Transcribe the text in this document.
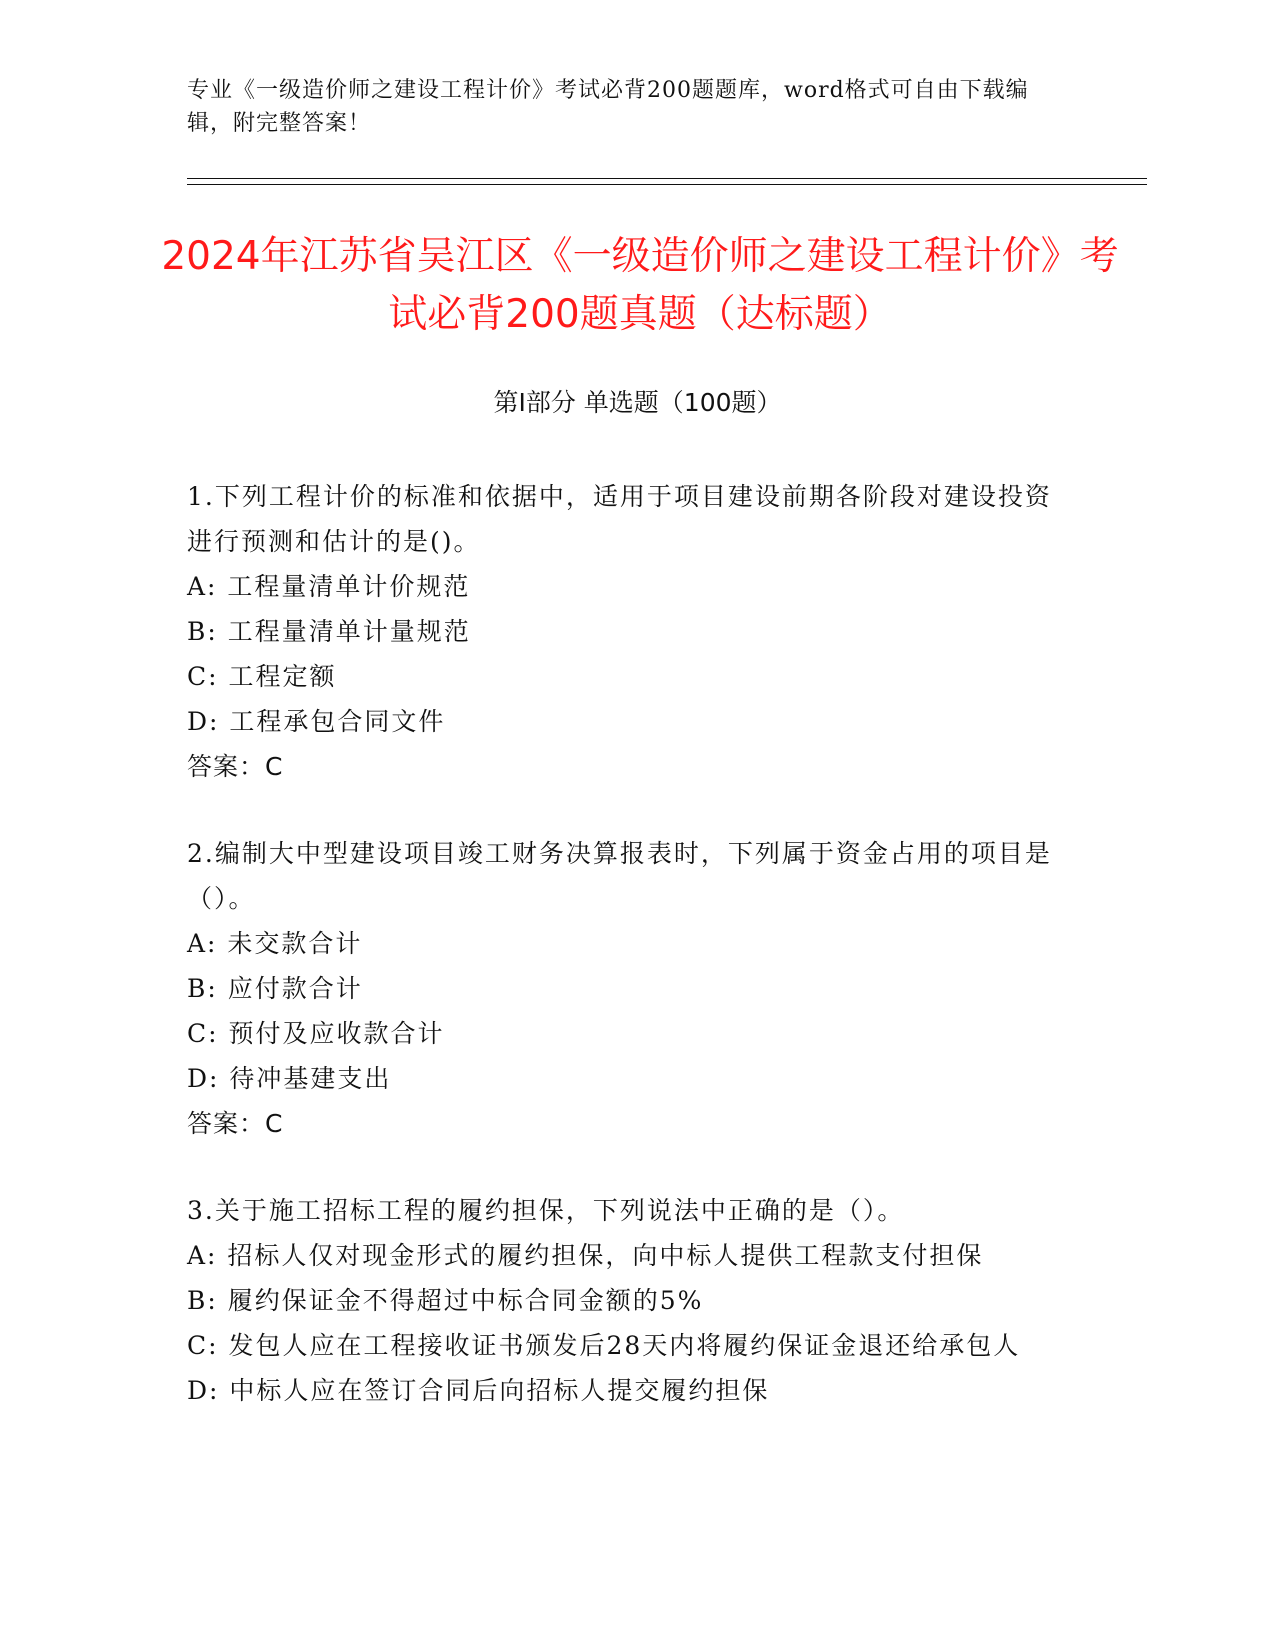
专业《一级造价师之建设工程计价》考试必背200题题库，word格式可自由下载编辑，附完整答案！
2024年江苏省吴江区《一级造价师之建设工程计价》考试必背200题真题（达标题）
第I部分 单选题（100题）

1.下列工程计价的标准和依据中，适用于项目建设前期各阶段对建设投资进行预测和估计的是()。

A: 工程量清单计价规范

B: 工程量清单计量规范

C: 工程定额

D: 工程承包合同文件

答案：C

2.编制大中型建设项目竣工财务决算报表时，下列属于资金占用的项目是（）。

A: 未交款合计

B: 应付款合计

C: 预付及应收款合计

D: 待冲基建支出

答案：C

3.关于施工招标工程的履约担保，下列说法中正确的是（）。

A: 招标人仅对现金形式的履约担保，向中标人提供工程款支付担保

B: 履约保证金不得超过中标合同金额的5%

C: 发包人应在工程接收证书颁发后28天内将履约保证金退还给承包人

D: 中标人应在签订合同后向招标人提交履约担保
